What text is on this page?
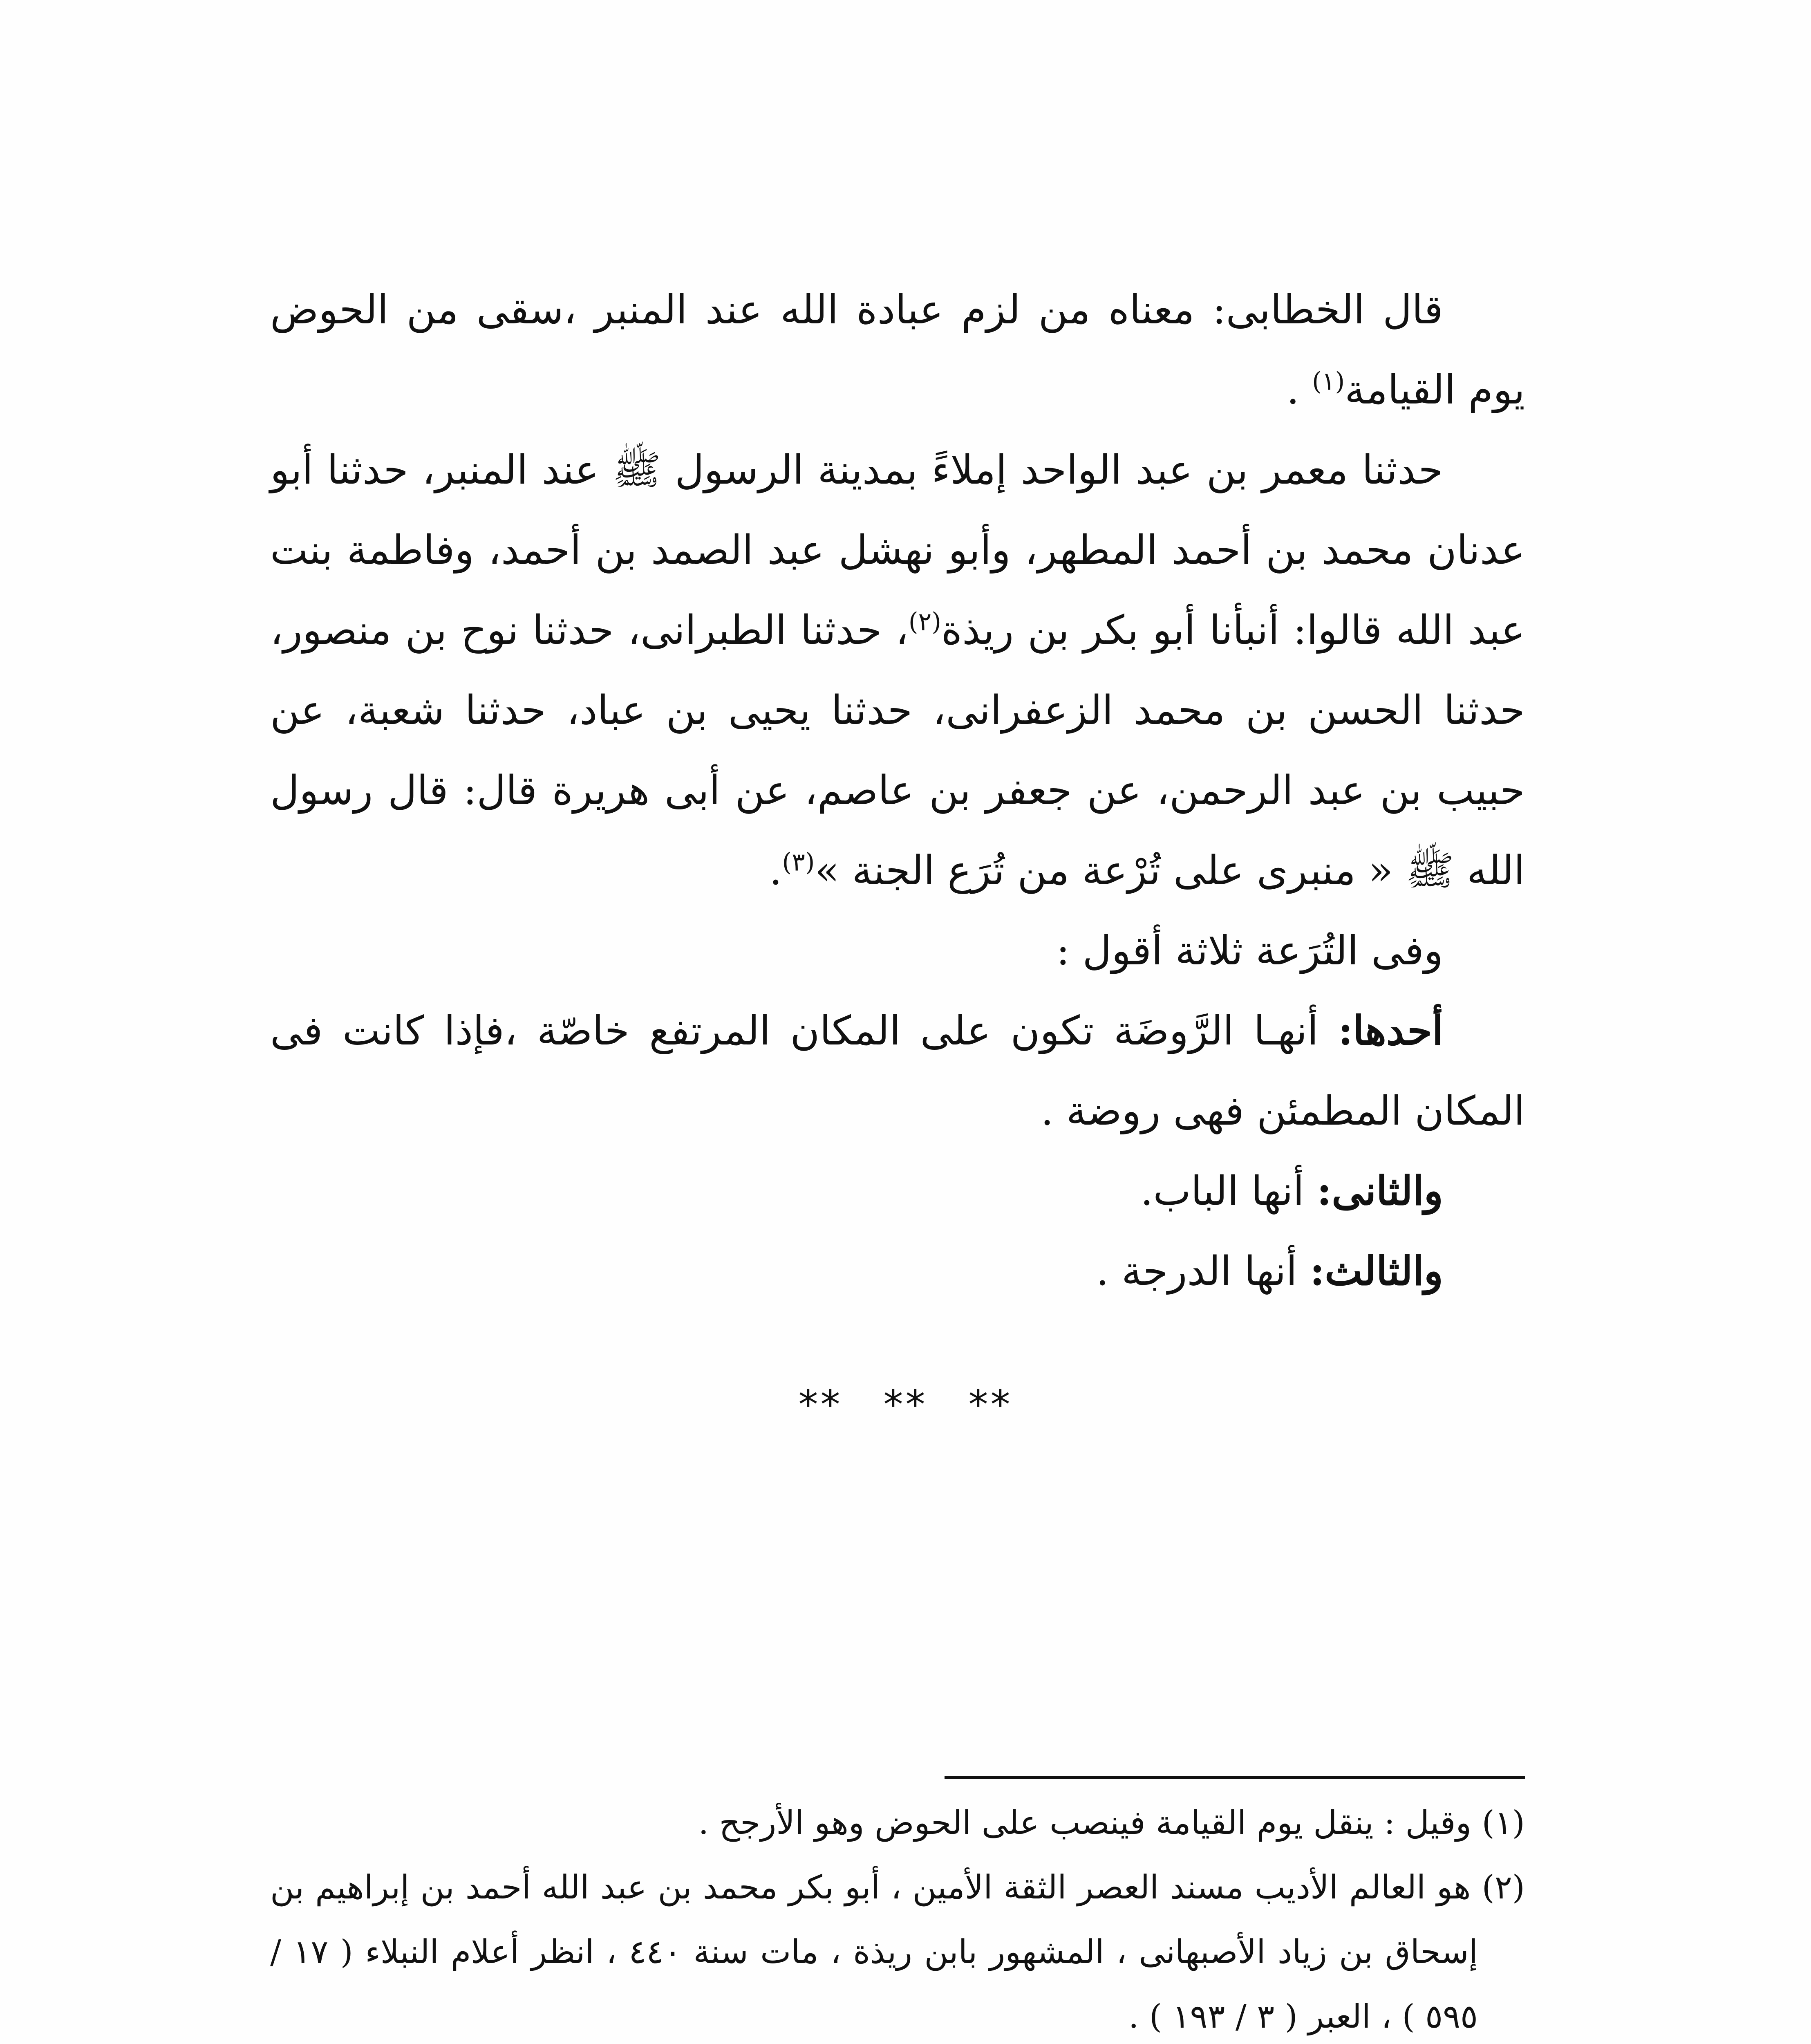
قال الخطابى: معناه من لزم عبادة الله عند المنبر ،سقى من الحوض يوم القيامة$^{(١)}$ .

حدثنا معمر بن عبد الواحد إملاءً بمدينة الرسول ﷺ عند المنبر، حدثنا أبو عدنان محمد بن أحمد المطهر، وأبو نهشل عبد الصمد بن أحمد، وفاطمة بنت عبد الله قالوا: أنبأنا أبو بكر بن ريذة$^{(٢)}$، حدثنا الطبرانى، حدثنا نوح بن منصور، حدثنا الحسن بن محمد الزعفرانى، حدثنا يحيى بن عباد، حدثنا شعبة، عن حبيب بن عبد الرحمن، عن جعفر بن عاصم، عن أبى هريرة قال: قال رسول الله ﷺ « منبرى على تُرْعة من تُرَع الجنة »$^{(٣)}$.

وفى التُرَعة ثلاثة أقول :

أحدها: أنهـا الرَّوضَة تكون على المكان المرتفع خاصّة ،فإذا كانت فى المكان المطمئن فهى روضة .

والثانى: أنها الباب.

والثالث: أنها الدرجة .

** ** **

(١) وقيل : ينقل يوم القيامة فينصب على الحوض وهو الأرجح .

(٢) هو العالم الأديب مسند العصر الثقة الأمين ، أبو بكر محمد بن عبد الله أحمد بن إبراهيم بن إسحاق بن زياد الأصبهانى ، المشهور بابن ريذة ، مات سنة ٤٤٠ ، انظر أعلام النبلاء ( ١٧ / ٥٩٥ ) ، العبر ( ٣ / ١٩٣ ) .
